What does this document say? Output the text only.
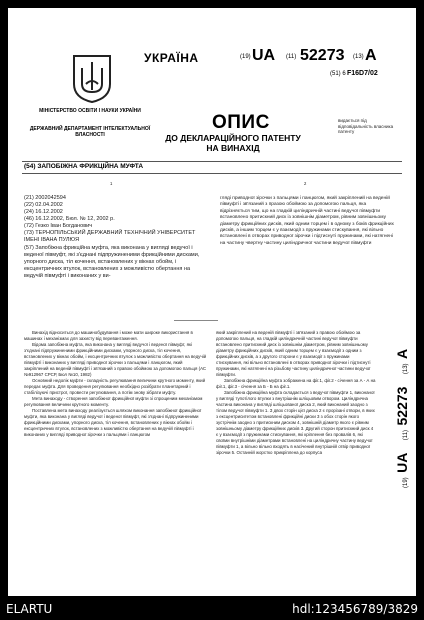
МІНІСТЕРСТВО ОСВІТИ І НАУКИ УКРАЇНИ
ДЕРЖАВНИЙ ДЕПАРТАМЕНТ ІНТЕЛЕКТУАЛЬНОЇ ВЛАСНОСТІ
УКРАЇНА	(19) UA (11) 52273 (13) A
(51) 6 F16D7/02
ОПИС
ДО ДЕКЛАРАЦІЙНОГО ПАТЕНТУ НА ВИНАХІД
видається під відповідальність власника патенту
(54) ЗАПОБІЖНА ФРИКЦІЙНА МУФТА
1	2
(21) 2002042594
(22) 02.04.2002
(24) 16.12.2002
(46) 16.12.2002, Бюл. № 12, 2002 р.
(72) Гезко Іван Богданович
(73) ТЕРНОПІЛЬСЬКИЙ ДЕРЖАВНИЙ ТЕХНІЧНИЙ УНІВЕРСИТЕТ ІМЕНІ ІВАНА ПУЛЮЯ
(57) Запобіжна фрикційна муфта, яка виконана у вигляді ведучої і веденої півмуфт, які з'єднані підпружиненими фрикційними дисками, упорного диска, тіл кочення, встановлених у вікнах обойм, і ексцентричних втулок, встановлених з можливістю обертання на ведучій півмуфті і виконаних у ви-
гляді приводної зірочки з пальцями і панцюгом, який закріплений на веденій півмуфті і зв'язаний з празою обоймою за допомогою пальця, яка відрізняється тим, що на гладкій циліндричній частині ведучої півмуфти встановлено притискний диск із зовнішнім діаметром, рівним зовнішньому діаметру фрикційних дисків, який одним торцем і в одному з боків фрикційних дисків, а іншим торцем є у взаємодії з пружинами стискування, які вільно встановлені в отворах приводної зірочки і підтиснуті пружинами, які натягнені на частину чвертну частину циліндричної частини ведучої півмуфти

Винахід відноситься до машинобудування і може мати широке використання в машинах і механізмах для захисту від перевантаження.

Відома запобіжна муфта, яка виконана у вигляді ведучої і веденої півмуфт, які з'єднані підпружиненими фрикційними дисками, упорного диска, тіл кочення, встановлених у вікнах обойм, і ексцентричних втулок з можливістю обертання на ведучій півмуфті і виконаних у вигляді приводної зірочки з пальцями і ланцюгом, який закріплений на веденій півмуфті і зв'язаний з правою обоймою за допомогою пальця (АС №912967 СРСР, Бюл №10, 1982)

Основний недолік муфти - складність регулювання величини крутного моменту, який передає муфта. Для проведення регулювання необхідно розібрати планетарний і стабілізуючі пристрої, провести регулювання, а потім знову зібрати муфту.

Мета винаходу - створення запобіжної фрикційної муфти зі спрощеним механізмом регулювання величини крутного моменту.

Поставлена мета винаходу реалізується шляхом виконання запобіжної фрикційної муфти, яка виконана у вигляді ведучої і веденої півмуфт, які з'єднані підпружиненими фрикційними дисками, упорного диска, тіл кочення, встановлених у вікнах обойм і ексцентричних втулок, встановлених з можливістю обертання на ведучій півмуфті і виконаних у вигляді приводної зірочки з пальцями і ланцюгом

який закріплений на веденій півмуфті і зв'язаний з правою обоймою за допомогою пальця, на гладкій циліндричній частині ведучої півмуфти встановлено притискний диск із зовнішнім діаметром, рівним зовнішньому діаметру фрикційних дисків, який одним торцем є у взаємодії з одним з фрикційних дисків, а з другого сторони є у взаємодії з пружинами стискування, які вільно встановлені в отворах приводної зірочки і підтиснуті пружинами, які натягнені на різьбову частину циліндричної частини ведучої півмуфти.

Запобіжна фрикційна муфта зображена на фіг.1, фіг.2 - січення за А - А на фіг.1, фіг.3 - січення за Б - Б на фіг.1.

Запобіжна фрикційна муфта складається з ведучої півмуфти 1, виконаної у вигляді тупотілого втулки з внутрішнім шліцьовим отвором. Циліндрична частина виконана у вигляді шліцьованої диска 2, який виконаний заодно з тілом ведучої півмуфти 1. З двох сторін цієї диска 2 є прорізані отвори, в яких з ексцентриситетом встановлені фрикційні диски 3 з обох сторін якого зустрічнім заодно з притискним диском 4, зовнішній діаметр якого є рівним зовнішньому діаметру фрикційних дисків 3. Другий сторон притискний диск 4 є у взаємодії з пружинами стискування, які кріплення без провалів 6, які своїми внутрішніми діаметрами встановлені на циліндричну частину ведучої півмуфти 1, а вільно вільно входять в насічений внутрішній отвір приводної зірочки 5. Останній жорстко прикріплена до корпуса

(19) UA (11) 52273 (13) A
ELARTU	hdl:123456789/3829
